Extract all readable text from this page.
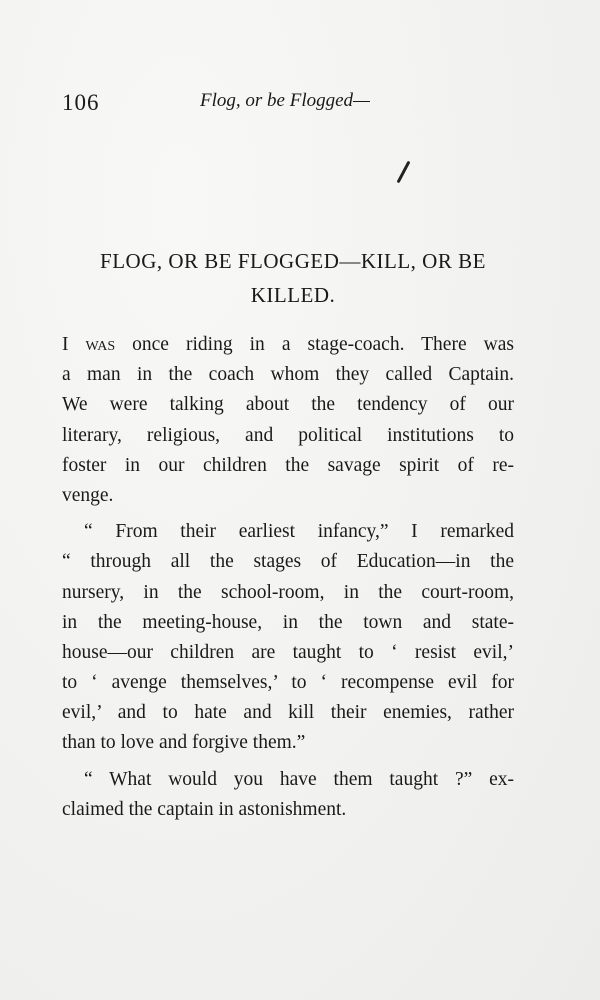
106	Flog, or be Flogged—
FLOG, OR BE FLOGGED—KILL, OR BE
KILLED.
I was once riding in a stage-coach. There was
a man in the coach whom they called Captain.
We were talking about the tendency of our
literary, religious, and political institutions to
foster in our children the savage spirit of re-
venge.
“ From their earliest infancy,” I remarked
“ through all the stages of Education—in the
nursery, in the school-room, in the court-room,
in the meeting-house, in the town and state-
house—our children are taught to ‘ resist evil,’
to ‘ avenge themselves,’ to ‘ recompense evil for
evil,’ and to hate and kill their enemies, rather
than to love and forgive them.”
“ What would you have them taught ?” ex-
claimed the captain in astonishment.
